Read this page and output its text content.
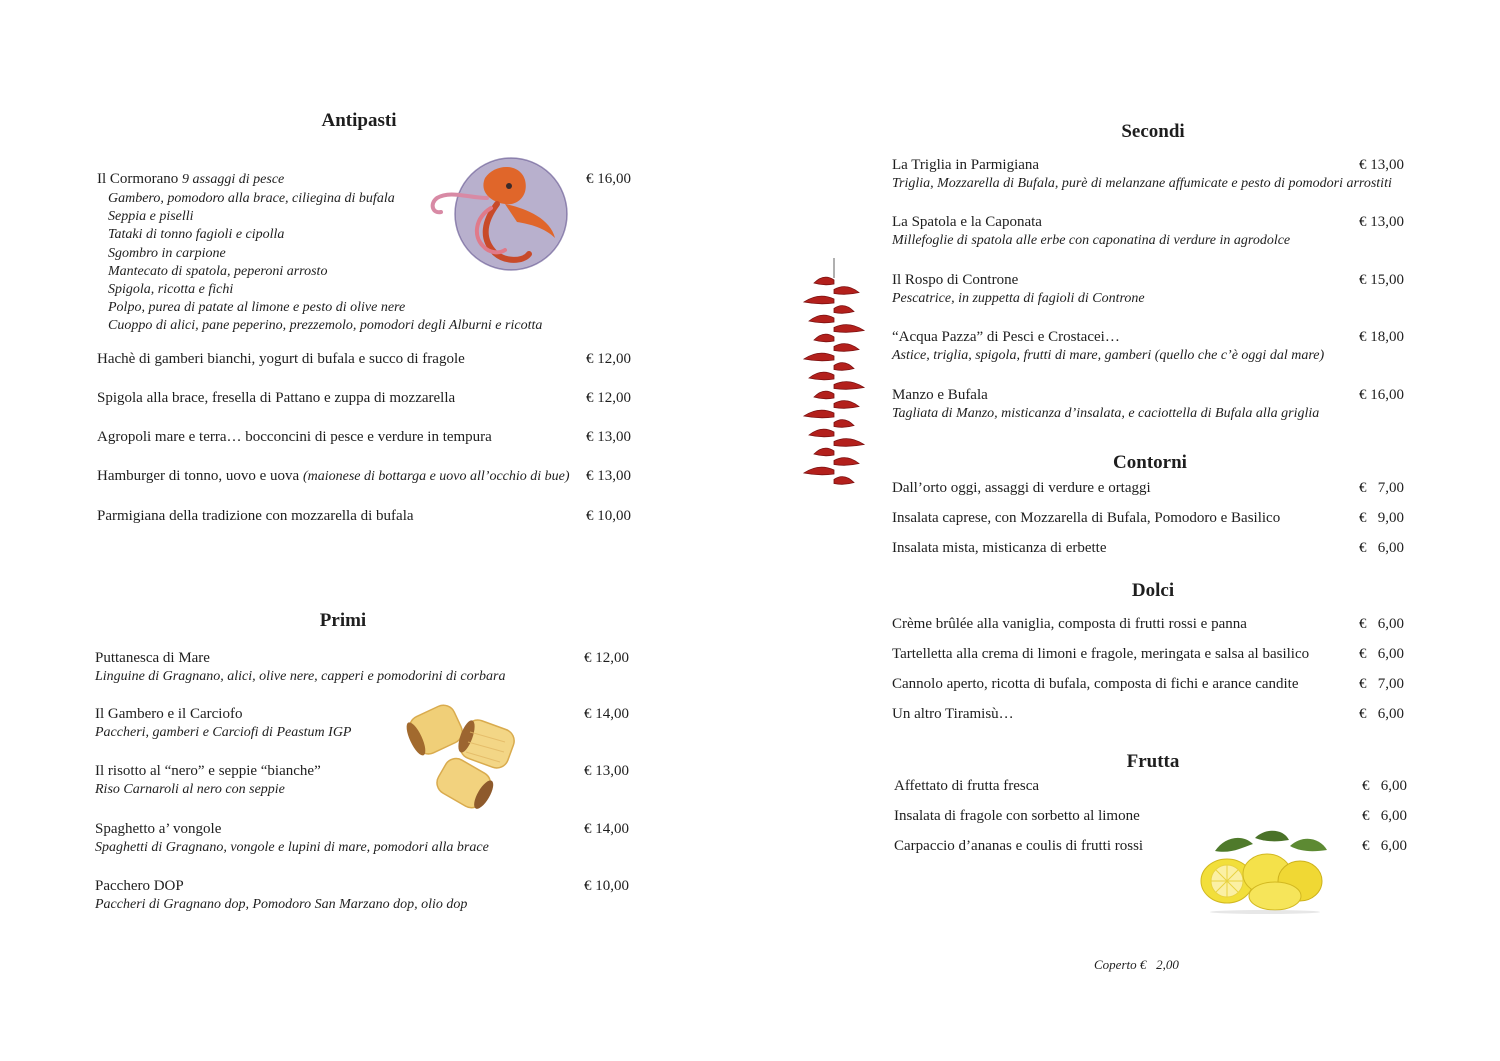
Antipasti
Il Cormorano 9 assaggi di pesce	€ 16,00
Gambero, pomodoro alla brace, ciliegina di bufala
Seppia e piselli
Tataki di tonno fagioli e cipolla
Sgombro in carpione
Mantecato di spatola, peperoni arrosto
Spigola, ricotta e fichi
Polpo, purea di patate al limone e pesto di olive nere
Cuoppo di alici, pane peperino, prezzemolo, pomodori degli Alburni e ricotta
Hachè di gamberi bianchi, yogurt di bufala e succo di fragole	€ 12,00
Spigola alla brace, fresella di Pattano e zuppa di mozzarella	€ 12,00
Agropoli mare e terra… bocconcini di pesce e verdure in tempura	€ 13,00
Hamburger di tonno, uovo e uova (maionese di bottarga e uovo all’occhio di bue) € 13,00
Parmigiana della tradizione con mozzarella di bufala	€ 10,00
Primi
Puttanesca di Mare
Linguine di Gragnano, alici, olive nere, capperi e pomodorini di corbara
€ 12,00
Il Gambero e il Carciofo
Paccheri, gamberi e Carciofi di Peastum IGP
€ 14,00
Il risotto al “nero” e seppie “bianche”
Riso Carnaroli al nero con seppie
€ 13,00
Spaghetto a’ vongole
Spaghetti di Gragnano, vongole e lupini di mare, pomodori alla brace
€ 14,00
Pacchero DOP
Paccheri di Gragnano dop, Pomodoro San Marzano dop, olio dop
€ 10,00
Secondi
La Triglia in Parmigiana
Triglia, Mozzarella di Bufala, purè di melanzane affumicate e pesto di pomodori arrostiti
€ 13,00
La Spatola e la Caponata
Millefoglie di spatola alle erbe con caponatina di verdure in agrodolce
€ 13,00
Il Rospo di Controne
Pescatrice, in zuppetta di fagioli di Controne
€ 15,00
“Acqua Pazza” di Pesci e Crostacei…
Astice, triglia, spigola, frutti di mare, gamberi (quello che c’è oggi dal mare)
€ 18,00
Manzo e Bufala
Tagliata di Manzo, misticanza d’insalata, e caciottella di Bufala alla griglia
€ 16,00
Contorni
Dall’orto oggi, assaggi di verdure e ortaggi	€   7,00
Insalata caprese, con Mozzarella di Bufala, Pomodoro e Basilico	€   9,00
Insalata mista, misticanza di erbette	€   6,00
Dolci
Crème brûlée alla vaniglia, composta di frutti rossi e panna	€   6,00
Tartelletta alla crema di limoni e fragole, meringata e salsa al basilico	€   6,00
Cannolo aperto, ricotta di bufala, composta di fichi e arance candite	€   7,00
Un altro Tiramisù…	€   6,00
Frutta
Affettato di frutta fresca	€   6,00
Insalata di fragole con sorbetto al limone	€   6,00
Carpaccio d’ananas e coulis di frutti rossi	€   6,00
Coperto €   2,00
